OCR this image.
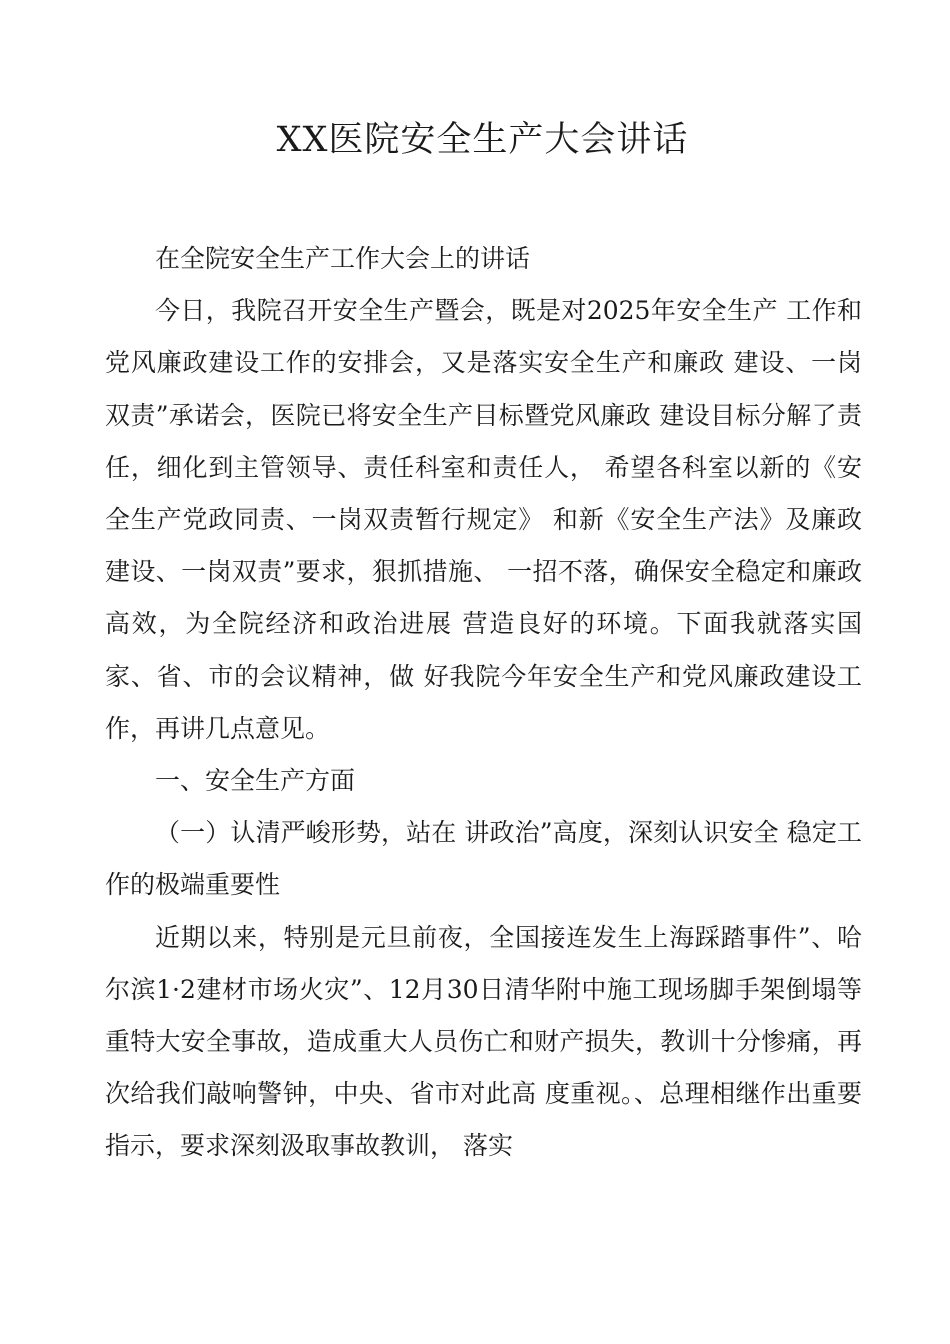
XX医院安全生产大会讲话

在全院安全生产工作大会上的讲话

今日，我院召开安全生产暨会，既是对2025年安全生产 工作和党风廉政建设工作的安排会，又是落实安全生产和廉政 建设、一岗双责”承诺会，医院已将安全生产目标暨党风廉政 建设目标分解了责任，细化到主管领导、责任科室和责任人， 希望各科室以新的《安全生产党政同责、一岗双责暂行规定》 和新《安全生产法》及廉政建设、一岗双责”要求，狠抓措施、 一招不落，确保安全稳定和廉政高效，为全院经济和政治进展 营造良好的环境。下面我就落实国家、省、市的会议精神，做 好我院今年安全生产和党风廉政建设工作，再讲几点意见。

一、安全生产方面

（一）认清严峻形势，站在 讲政治”高度，深刻认识安全 稳定工作的极端重要性

近期以来，特别是元旦前夜，全国接连发生上海踩踏事件”、哈尔滨1·2建材市场火灾”、12月30日清华附中施工现场脚手架倒塌等重特大安全事故，造成重大人员伤亡和财产损失，教训十分惨痛，再次给我们敲响警钟，中央、省市对此高 度重视。、总理相继作出重要指示，要求深刻汲取事故教训， 落实
